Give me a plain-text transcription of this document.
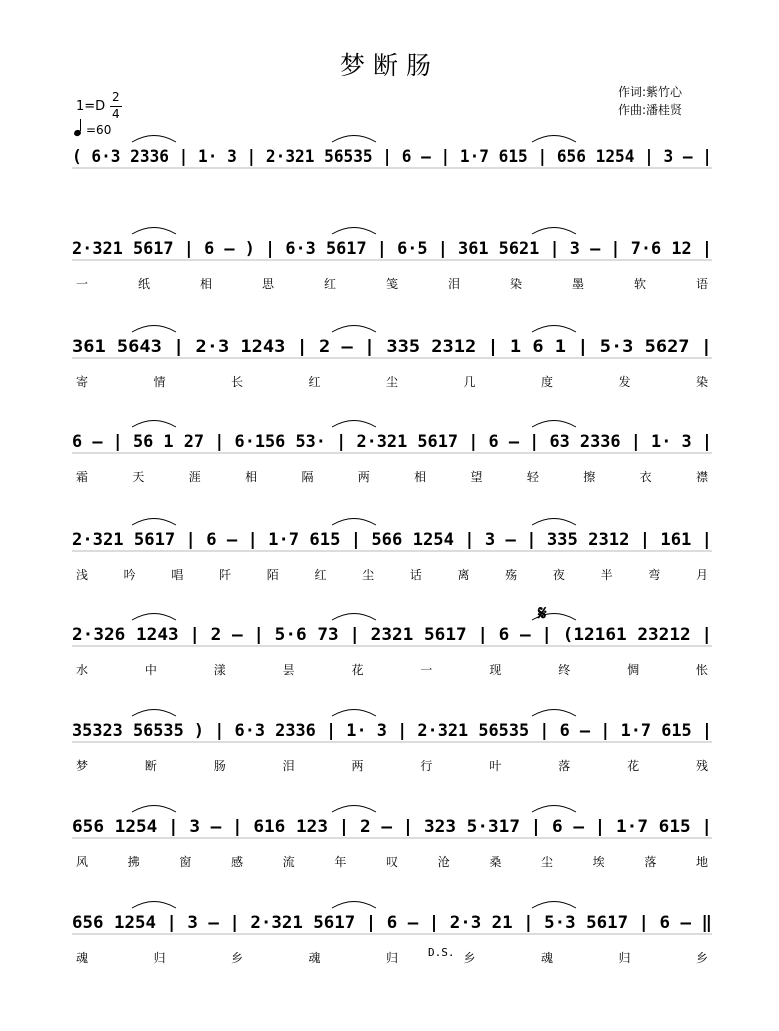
梦断肠
作词:紫竹心
作曲:潘桂贤
1=D
2
4
=60
( 6·3 2336 | 1· 3 | 2·321 56535 | 6 – | 1·7 615 | 656 1254 | 3 – |
2·321 5617 | 6 – ) | 6·3 5617 | 6·5 | 361 5621 | 3 – | 7·6 12 |
一	纸	相	思	红	笺	泪	染	墨	软	语
361 5643 | 2·3 1243 | 2 – | 335 2312 | 1 6 1 | 5·3 5627 |
寄	情	长	红	尘	几	度	发	染
6 – | 56 1 27 | 6·156 53· | 2·321 5617 | 6 – | 63 2336 | 1· 3 |
霜	天	涯	相	隔	两	相	望	轻	擦	衣	襟
2·321 5617 | 6 – | 1·7 615 | 566 1254 | 3 – | 335 2312 | 161 |
浅	吟	唱	阡	陌	红	尘	话	离	殇	夜	半	弯	月
2·326 1243 | 2 – | 5·6 73 | 2321 5617 | 6 – | (12161 23212 |
水	中	漾	昙	花	一	现	终	惆	怅
35323 56535 ) | 6·3 2336 | 1· 3 | 2·321 56535 | 6 – | 1·7 615 |
梦	断	肠	泪	两	行	叶	落	花	残
656 1254 | 3 – | 616 123 | 2 – | 323 5·317 | 6 – | 1·7 615 |
风	拂	窗	感	流	年	叹	沧	桑	尘	埃	落	地
656 1254 | 3 – | 2·321 5617 | 6 – | 2·3 21 | 5·3 5617 | 6 – ‖
魂	归	乡	魂	归	乡	魂	归	乡
𝄋
D.S.
